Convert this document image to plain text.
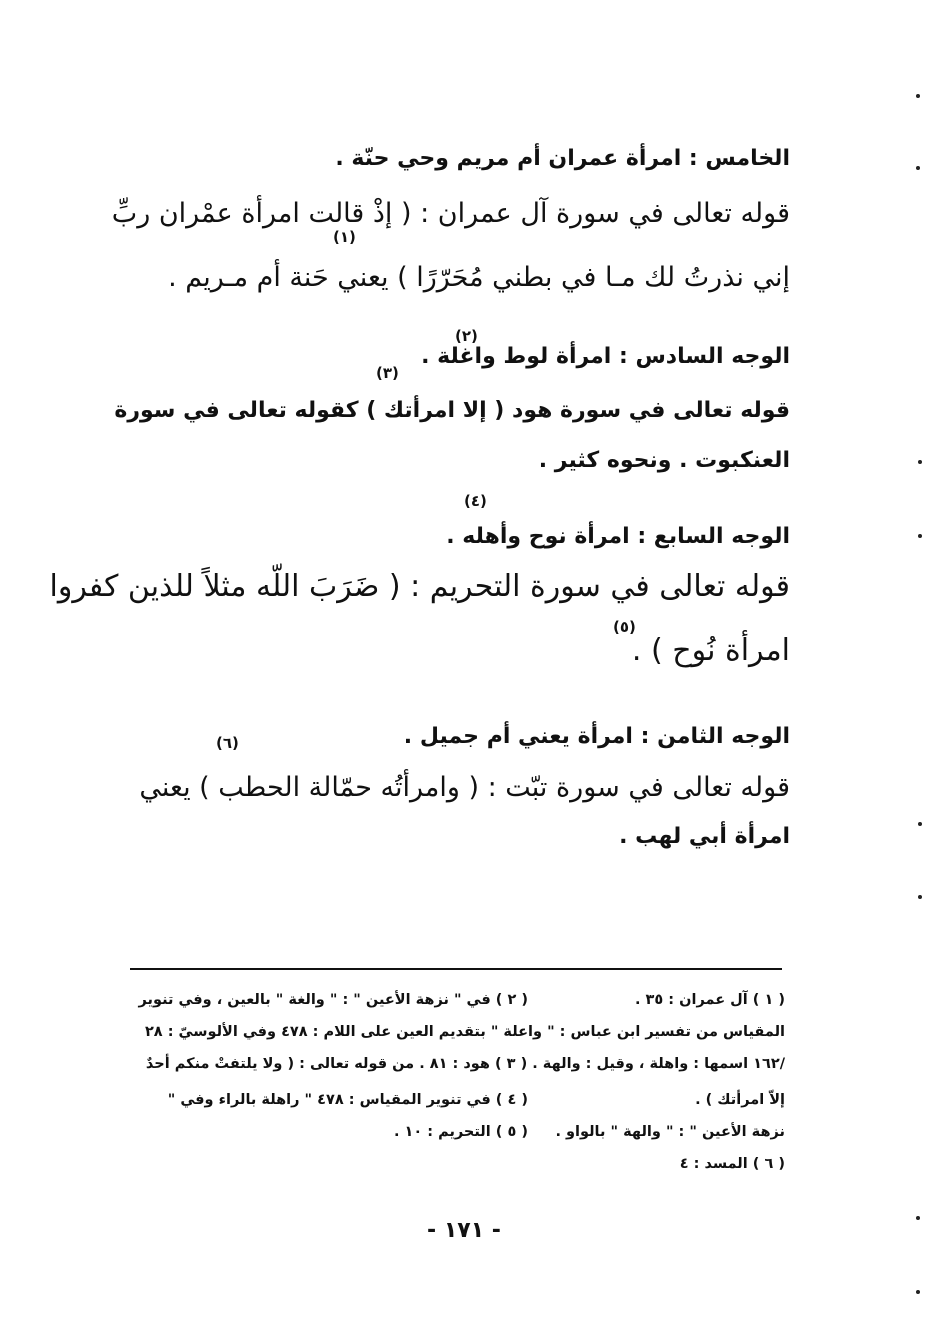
الخامس : امرأة عمران أم مريم وحي حنّة .
قوله تعالى في سورة آل عمران : ( إذْ قالت امرأة عمْران ربِّ
إني نذرتُ لك مـا في بطني مُحَرّرًا ) يعني حَنة أم مـريم .
(١)
الوجه السادس : امرأة لوط واغلة .
(٢)
(٣)
قوله تعالى في سورة هود ( إلا امرأتك ) كقوله تعالى في سورة
العنكبوت . ونحوه كثير .
(٤)
الوجه السابع : امرأة نوح وأهله .
قوله تعالى في سورة التحريم : ( ضَرَبَ اللّه مثلاً للذين كفروا
(٥)
امرأة نُوح ) .
الوجه الثامن : امرأة يعني أم جميل .
(٦)
قوله تعالى في سورة تبّت : ( وامرأتُه حمّالة الحطب ) يعني
امرأة أبي لهب .
( ١ ) آل عمران : ٣٥ .
( ٢ ) في " نزهة الأعين " : " والغة " بالعين ، وفي تنوير
المقياس من تفسير ابن عباس : " واعلة " بتقديم العين على اللام : ٤٧٨ وفي الألوسيّ : ٢٨
/١٦٢ اسمها : واهلة ، وقيل : والهة . ( ٣ ) هود : ٨١ . من قوله تعالى : ( ولا يلتفتْ منكم أحدٌ
إلاّ امرأتك ) .
( ٤ ) في تنوير المقياس : ٤٧٨ " راهلة بالراء وفي "
نزهة الأعين " : " والهة " بالواو .
( ٥ ) التحريم : ١٠ .
( ٦ ) المسد : ٤
- ١٧١ -
